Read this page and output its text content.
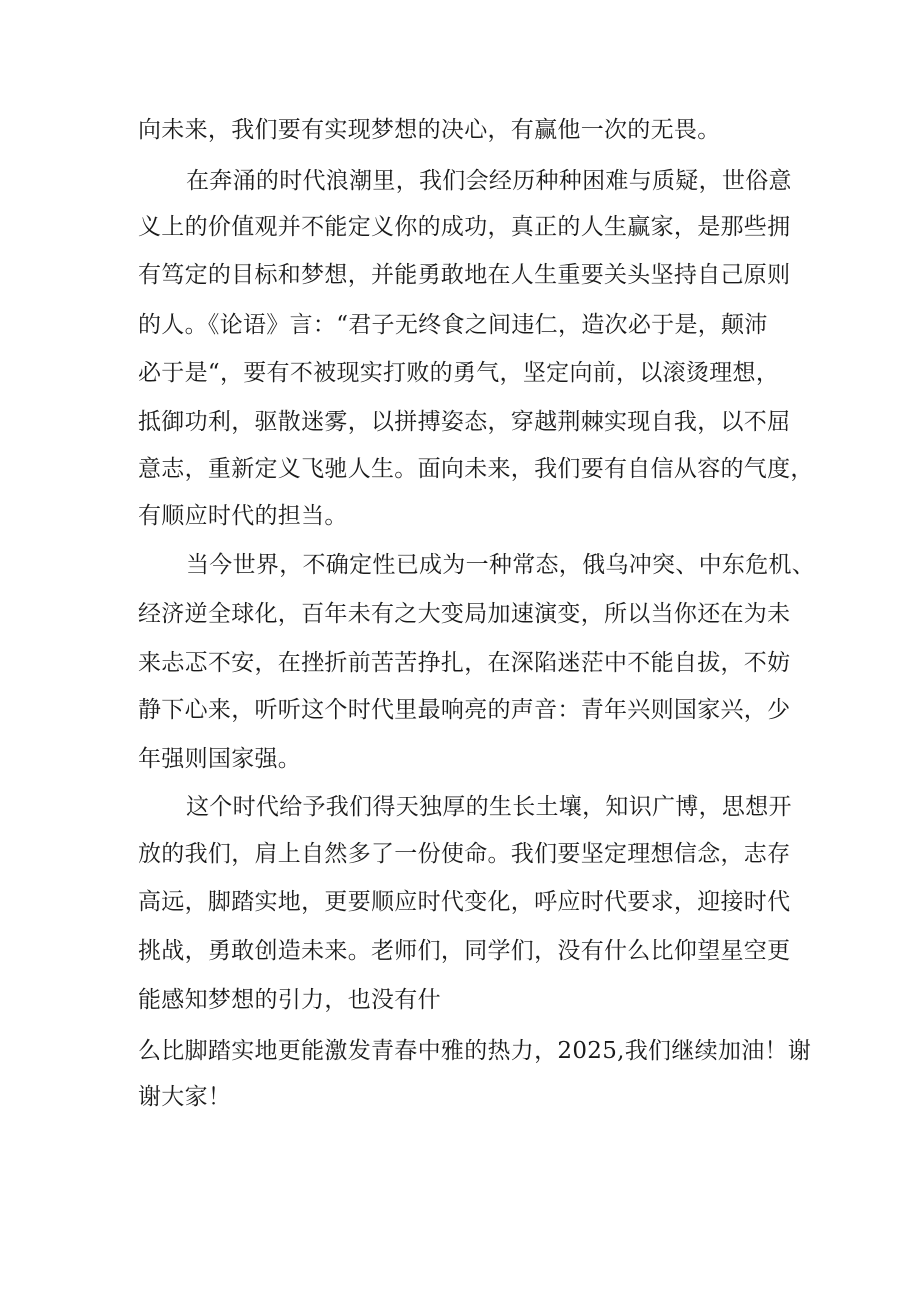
向未来，我们要有实现梦想的决心，有赢他一次的无畏。
在奔涌的时代浪潮里，我们会经历种种困难与质疑，世俗意
义上的价值观并不能定义你的成功，真正的人生赢家，是那些拥
有笃定的目标和梦想，并能勇敢地在人生重要关头坚持自己原则
的人。《论语》言：“君子无终食之间违仁，造次必于是，颠沛
必于是“，要有不被现实打败的勇气，坚定向前，以滚烫理想，
抵御功利，驱散迷雾，以拼搏姿态，穿越荆棘实现自我，以不屈
意志，重新定义飞驰人生。面向未来，我们要有自信从容的气度，
有顺应时代的担当。
当今世界，不确定性已成为一种常态，俄乌冲突、中东危机、
经济逆全球化，百年未有之大变局加速演变，所以当你还在为未
来忐忑不安，在挫折前苦苦挣扎，在深陷迷茫中不能自拔，不妨
静下心来，听听这个时代里最响亮的声音：青年兴则国家兴，少
年强则国家强。
这个时代给予我们得天独厚的生长土壤，知识广博，思想开
放的我们，肩上自然多了一份使命。我们要坚定理想信念，志存
高远，脚踏实地，更要顺应时代变化，呼应时代要求，迎接时代
挑战，勇敢创造未来。老师们，同学们，没有什么比仰望星空更
能感知梦想的引力，也没有什
么比脚踏实地更能激发青春中雅的热力，2025,我们继续加油！谢
谢大家！
